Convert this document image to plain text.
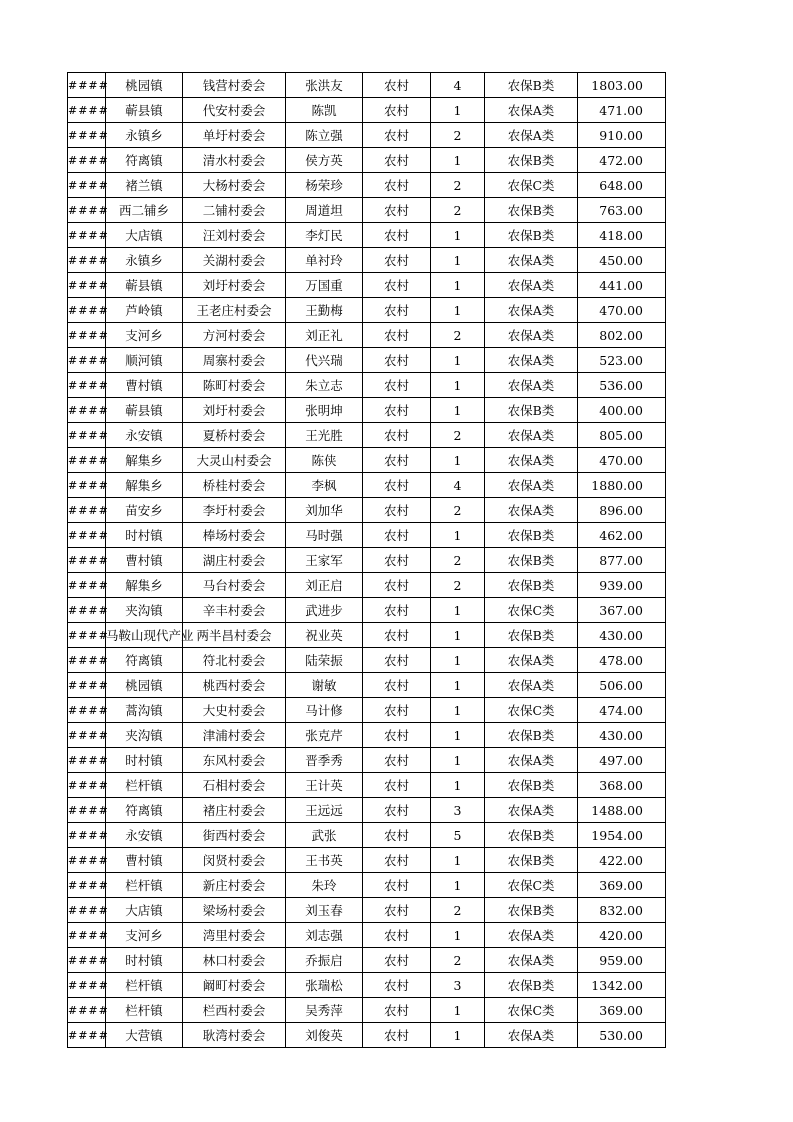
####	桃园镇	钱营村委会	张洪友	农村	4	农保B类	1803.00
####	蕲县镇	代安村委会	陈凯	农村	1	农保A类	471.00
####	永镇乡	单圩村委会	陈立强	农村	2	农保A类	910.00
####	符离镇	清水村委会	侯方英	农村	1	农保B类	472.00
####	褚兰镇	大杨村委会	杨荣珍	农村	2	农保C类	648.00
####	西二铺乡	二铺村委会	周道坦	农村	2	农保B类	763.00
####	大店镇	汪刘村委会	李灯民	农村	1	农保B类	418.00
####	永镇乡	关湖村委会	单衬玲	农村	1	农保A类	450.00
####	蕲县镇	刘圩村委会	万国重	农村	1	农保A类	441.00
####	芦岭镇	王老庄村委会	王勤梅	农村	1	农保A类	470.00
####	支河乡	方河村委会	刘正礼	农村	2	农保A类	802.00
####	顺河镇	周寨村委会	代兴瑞	农村	1	农保A类	523.00
####	曹村镇	陈町村委会	朱立志	农村	1	农保A类	536.00
####	蕲县镇	刘圩村委会	张明坤	农村	1	农保B类	400.00
####	永安镇	夏桥村委会	王光胜	农村	2	农保A类	805.00
####	解集乡	大灵山村委会	陈侠	农村	1	农保A类	470.00
####	解集乡	桥桂村委会	李枫	农村	4	农保A类	1880.00
####	苗安乡	李圩村委会	刘加华	农村	2	农保A类	896.00
####	时村镇	棒场村委会	马时强	农村	1	农保B类	462.00
####	曹村镇	湖庄村委会	王家军	农村	2	农保B类	877.00
####	解集乡	马台村委会	刘正启	农村	2	农保B类	939.00
####	夹沟镇	辛丰村委会	武进步	农村	1	农保C类	367.00
####	马鞍山现代产业	两半昌村委会	祝业英	农村	1	农保B类	430.00
####	符离镇	符北村委会	陆荣振	农村	1	农保A类	478.00
####	桃园镇	桃西村委会	谢敏	农村	1	农保A类	506.00
####	蒿沟镇	大史村委会	马计修	农村	1	农保C类	474.00
####	夹沟镇	津浦村委会	张克芹	农村	1	农保B类	430.00
####	时村镇	东风村委会	晋季秀	农村	1	农保A类	497.00
####	栏杆镇	石相村委会	王计英	农村	1	农保B类	368.00
####	符离镇	褚庄村委会	王远远	农村	3	农保A类	1488.00
####	永安镇	街西村委会	武张	农村	5	农保B类	1954.00
####	曹村镇	闵贤村委会	王书英	农村	1	农保B类	422.00
####	栏杆镇	新庄村委会	朱玲	农村	1	农保C类	369.00
####	大店镇	梁场村委会	刘玉春	农村	2	农保B类	832.00
####	支河乡	湾里村委会	刘志强	农村	1	农保A类	420.00
####	时村镇	林口村委会	乔振启	农村	2	农保A类	959.00
####	栏杆镇	阚町村委会	张瑞松	农村	3	农保B类	1342.00
####	栏杆镇	栏西村委会	吴秀萍	农村	1	农保C类	369.00
####	大营镇	耿湾村委会	刘俊英	农村	1	农保A类	530.00
